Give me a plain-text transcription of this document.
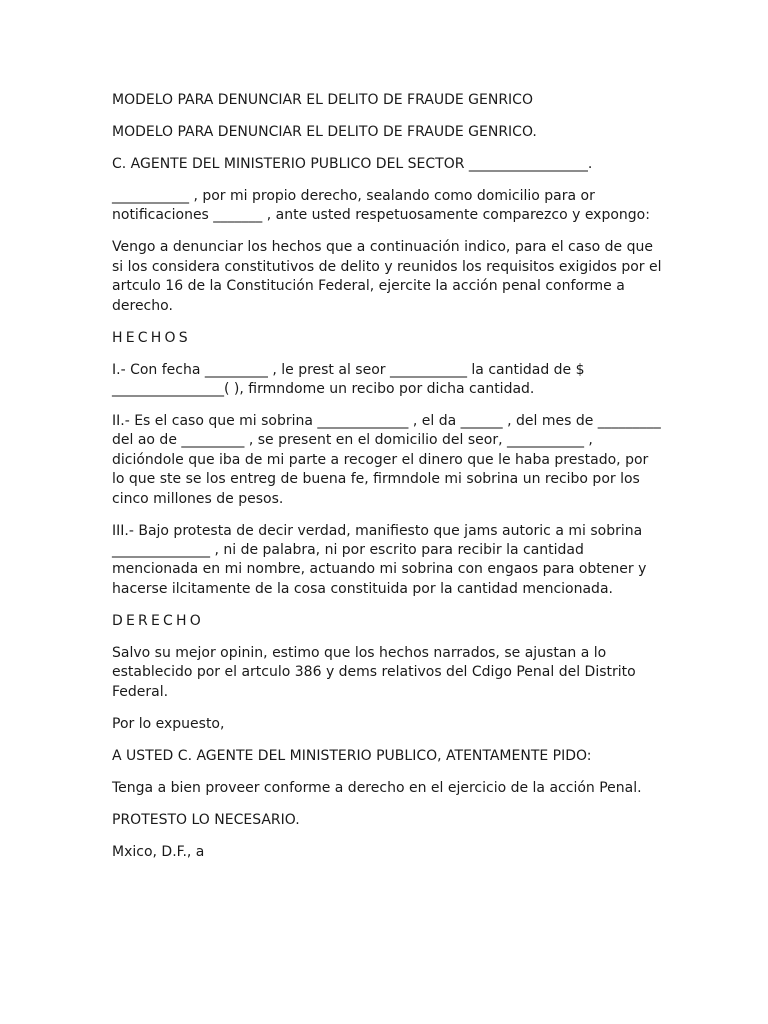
MODELO PARA DENUNCIAR EL DELITO DE FRAUDE GENRICO

MODELO PARA DENUNCIAR EL DELITO DE FRAUDE GENRICO.

C. AGENTE DEL MINISTERIO PUBLICO DEL SECTOR _________________.

___________ , por mi propio derecho, sealando como domicilio para or notificaciones _______ , ante usted respetuosamente comparezco y expongo:

Vengo a denunciar los hechos que a continuación indico, para el caso de que si los considera constitutivos de delito y reunidos los requisitos exigidos por el artculo 16 de la Constitución Federal, ejercite la acción penal conforme a derecho.

HECHOS

I.- Con fecha _________ , le prest al seor ___________ la cantidad de $ ________________( ), firmndome un recibo por dicha cantidad.

II.- Es el caso que mi sobrina _____________ , el da ______ , del mes de _________ del ao de _________ , se present en el domicilio del seor, ___________ , diciόndole que iba de mi parte a recoger el dinero que le haba prestado, por lo que ste se los entreg de buena fe, firmndole mi sobrina un recibo por los cinco millones de pesos.

III.- Bajo protesta de decir verdad, manifiesto que jams autoric a mi sobrina ______________ , ni de palabra, ni por escrito para recibir la cantidad mencionada en mi nombre, actuando mi sobrina con engaos para obtener y hacerse ilcitamente de la cosa constituida por la cantidad mencionada.

DERECHO

Salvo su mejor opinin, estimo que los hechos narrados, se ajustan a lo establecido por el artculo 386 y dems relativos del Cdigo Penal del Distrito Federal.

Por lo expuesto,

A USTED C. AGENTE DEL MINISTERIO PUBLICO, ATENTAMENTE PIDO:

Tenga a bien proveer conforme a derecho en el ejercicio de la acción Penal.

PROTESTO LO NECESARIO.

Mxico, D.F., a
